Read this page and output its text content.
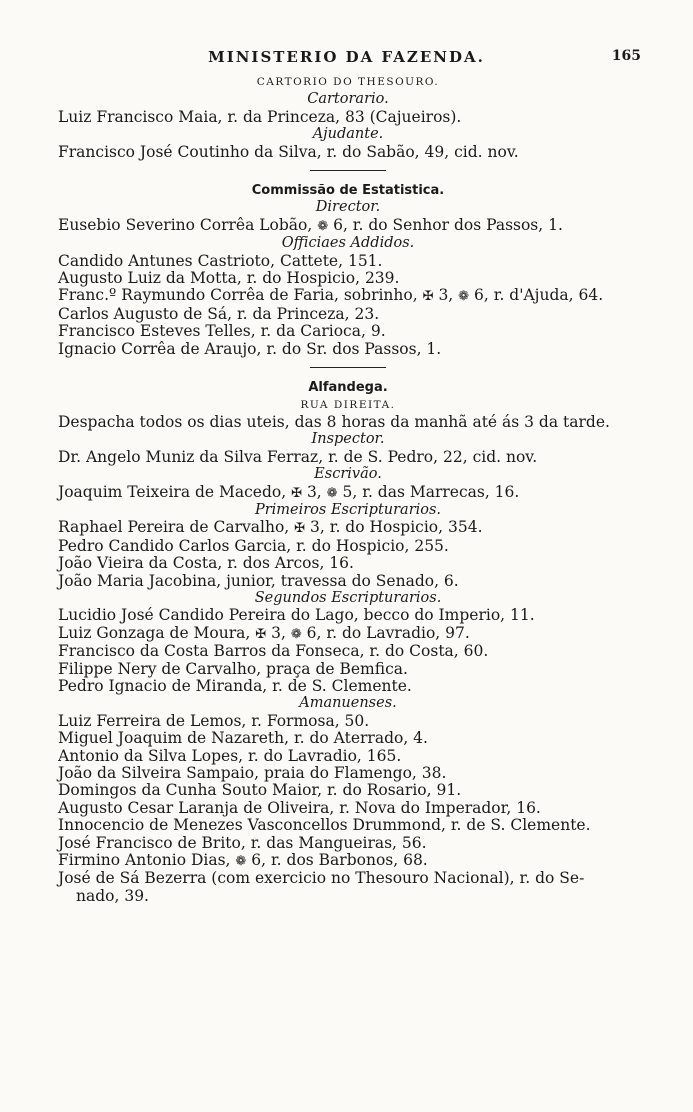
MINISTERIO DA FAZENDA.	165
CARTORIO DO THESOURO.
Cartorario.
Luiz Francisco Maia, r. da Princeza, 83 (Cajueiros).
Ajudante.
Francisco José Coutinho da Silva, r. do Sabão, 49, cid. nov.
Commissão de Estatistica.
Director.
Eusebio Severino Corrêa Lobão, ❁ 6, r. do Senhor dos Passos, 1.
Officiaes Addidos.
Candido Antunes Castrioto, Cattete, 151.
Augusto Luiz da Motta, r. do Hospicio, 239.
Franc.º Raymundo Corrêa de Faria, sobrinho, ✠ 3, ❁ 6, r. d'Ajuda, 64.
Carlos Augusto de Sá, r. da Princeza, 23.
Francisco Esteves Telles, r. da Carioca, 9.
Ignacio Corrêa de Araujo, r. do Sr. dos Passos, 1.
Alfandega.
RUA DIREITA.
Despacha todos os dias uteis, das 8 horas da manhã até ás 3 da tarde.
Inspector.
Dr. Angelo Muniz da Silva Ferraz, r. de S. Pedro, 22, cid. nov.
Escrivão.
Joaquim Teixeira de Macedo, ✠ 3, ❁ 5, r. das Marrecas, 16.
Primeiros Escripturarios.
Raphael Pereira de Carvalho, ✠ 3, r. do Hospicio, 354.
Pedro Candido Carlos Garcia, r. do Hospicio, 255.
João Vieira da Costa, r. dos Arcos, 16.
João Maria Jacobina, junior, travessa do Senado, 6.
Segundos Escripturarios.
Lucidio José Candido Pereira do Lago, becco do Imperio, 11.
Luiz Gonzaga de Moura, ✠ 3, ❁ 6, r. do Lavradio, 97.
Francisco da Costa Barros da Fonseca, r. do Costa, 60.
Filippe Nery de Carvalho, praça de Bemfica.
Pedro Ignacio de Miranda, r. de S. Clemente.
Amanuenses.
Luiz Ferreira de Lemos, r. Formosa, 50.
Miguel Joaquim de Nazareth, r. do Aterrado, 4.
Antonio da Silva Lopes, r. do Lavradio, 165.
João da Silveira Sampaio, praia do Flamengo, 38.
Domingos da Cunha Souto Maior, r. do Rosario, 91.
Augusto Cesar Laranja de Oliveira, r. Nova do Imperador, 16.
Innocencio de Menezes Vasconcellos Drummond, r. de S. Clemente.
José Francisco de Brito, r. das Mangueiras, 56.
Firmino Antonio Dias, ❁ 6, r. dos Barbonos, 68.
José de Sá Bezerra (com exercicio no Thesouro Nacional), r. do Se-
nado, 39.
